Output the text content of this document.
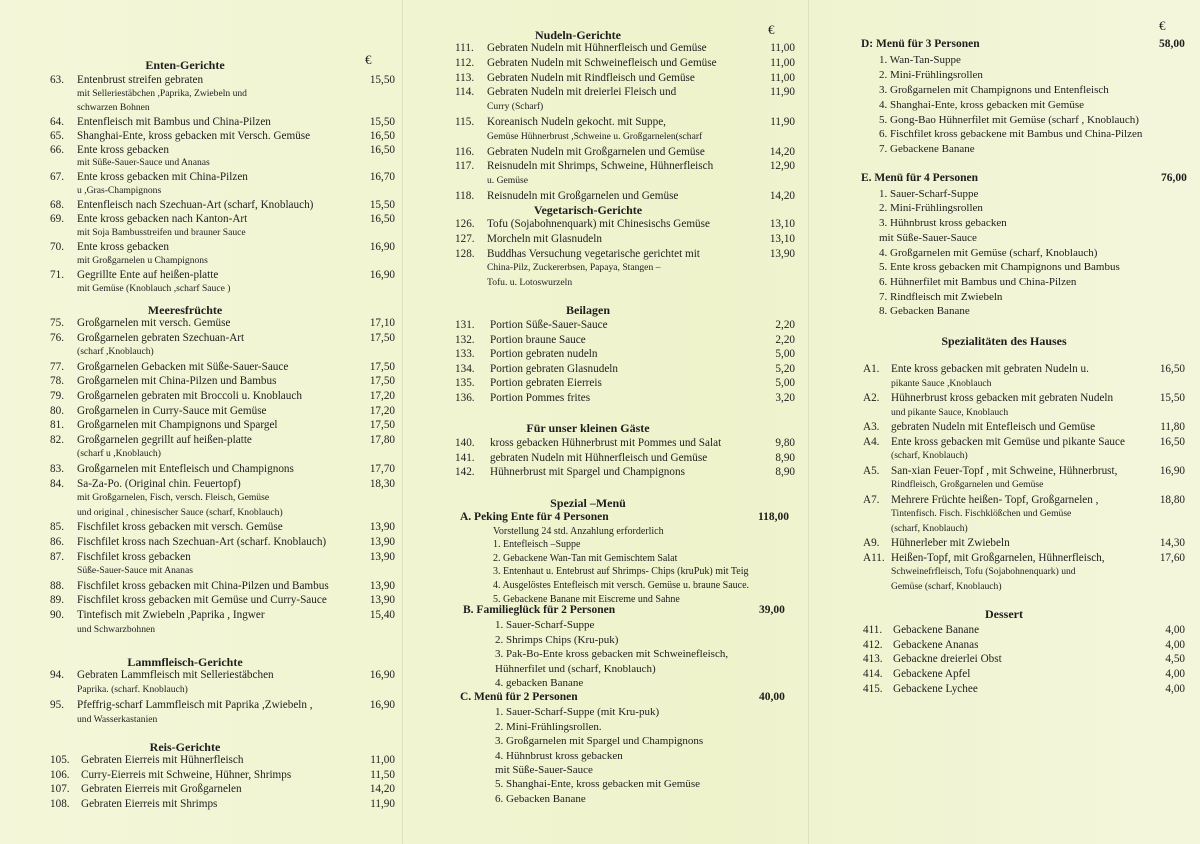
€
Enten-Gerichte
63.	Entenbrust streifen gebraten	15,50
mit Selleriestäbchen ,Paprika, Zwiebeln und
schwarzen Bohnen
64.	Entenfleisch mit Bambus und China-Pilzen	15,50
65.	Shanghai-Ente, kross gebacken mit Versch. Gemüse	16,50
66.	Ente kross gebacken	16,50
mit Süße-Sauer-Sauce und Ananas
67.	Ente kross gebacken mit China-Pilzen	16,70
u ,Gras-Champignons
68.	Entenfleisch nach Szechuan-Art (scharf, Knoblauch)	15,50
69.	Ente kross gebacken nach Kanton-Art	16,50
mit Soja Bambusstreifen und brauner Sauce
70.	Ente kross gebacken	16,90
mit Großgarnelen u Champignons
71.	Gegrillte Ente auf heißen-platte	16,90
mit Gemüse (Knoblauch ,scharf Sauce )
Meeresfrüchte
75.	Großgarnelen mit versch. Gemüse	17,10
76.	Großgarnelen gebraten Szechuan-Art	17,50
(scharf ,Knoblauch)
77.	Großgarnelen Gebacken mit Süße-Sauer-Sauce	17,50
78.	Großgarnelen mit China-Pilzen und Bambus	17,50
79.	Großgarnelen gebraten mit Broccoli u. Knoblauch	17,20
80.	Großgarnelen in Curry-Sauce mit Gemüse	17,20
81.	Großgarnelen mit Champignons und Spargel	17,50
82.	Großgarnelen gegrillt auf heißen-platte	17,80
(scharf u ,Knoblauch)
83.	Großgarnelen mit Entefleisch und Champignons	17,70
84.	Sa-Za-Po. (Original chin. Feuertopf)	18,30
mit Großgarnelen, Fisch, versch. Fleisch, Gemüse
und original , chinesischer Sauce (scharf, Knoblauch)
85.	Fischfilet kross gebacken mit versch. Gemüse	13,90
86.	Fischfilet kross nach Szechuan-Art (scharf. Knoblauch)	13,90
87.	Fischfilet kross gebacken	13,90
Süße-Sauer-Sauce mit Ananas
88.	Fischfilet kross gebacken mit China-Pilzen und Bambus	13,90
89.	Fischfilet kross gebacken mit Gemüse und Curry-Sauce	13,90
90.	Tintefisch mit Zwiebeln ,Paprika , Ingwer	15,40
und Schwarzbohnen
Lammfleisch-Gerichte
94.	Gebraten Lammfleisch mit Selleriestäbchen	16,90
Paprika. (scharf. Knoblauch)
95.	Pfeffrig-scharf Lammfleisch mit Paprika ,Zwiebeln ,	16,90
und Wasserkastanien
Reis-Gerichte
105.	Gebraten Eierreis mit Hühnerfleisch	11,00
106.	Curry-Eierreis mit Schweine, Hühner, Shrimps	11,50
107.	Gebraten Eierreis mit Großgarnelen	14,20
108.	Gebraten Eierreis mit Shrimps	11,90
€
Nudeln-Gerichte
111.	Gebraten Nudeln mit Hühnerfleisch und Gemüse	11,00
112.	Gebraten Nudeln mit Schweinefleisch und Gemüse	11,00
113.	Gebraten Nudeln mit Rindfleisch und Gemüse	11,00
114.	Gebraten Nudeln mit dreierlei Fleisch und	11,90
Curry (Scharf)
115.	Koreanisch Nudeln gekocht. mit Suppe,	11,90
Gemüse Hühnerbrust ,Schweine u. Großgarnelen(scharf
116.	Gebraten Nudeln mit Großgarnelen und Gemüse	14,20
117.	Reisnudeln mit Shrimps, Schweine, Hühnerfleisch	12,90
u. Gemüse
118.	Reisnudeln mit Großgarnelen und Gemüse	14,20
Vegetarisch-Gerichte
126.	Tofu (Sojabohnenquark) mit Chinesischs Gemüse	13,10
127.	Morcheln mit Glasnudeln	13,10
128.	Buddhas Versuchung vegetarische gerichtet mit	13,90
China-Pilz, Zuckererbsen, Papaya, Stangen –
Tofu. u. Lotoswurzeln
Beilagen
131.	Portion Süße-Sauer-Sauce	2,20
132.	Portion braune Sauce	2,20
133.	Portion gebraten nudeln	5,00
134.	Portion gebraten Glasnudeln	5,20
135.	Portion gebraten Eierreis	5,00
136.	Portion Pommes frites	3,20
Für unser kleinen Gäste
140.	kross gebacken Hühnerbrust mit Pommes und Salat	9,80
141.	gebraten Nudeln mit Hühnerfleisch und Gemüse	8,90
142.	Hühnerbrust mit Spargel und Champignons	8,90
Spezial –Menü
A. Peking Ente für 4 Personen	118,00
Vorstellung 24 std. Anzahlung erforderlich
1. Entefleisch –Suppe
2. Gebackene Wan-Tan mit Gemischtem Salat
3. Entenhaut u. Entebrust auf Shrimps- Chips (kruPuk) mit Teig
4. Ausgelöstes Entefleisch mit versch. Gemüse u. braune Sauce.
5. Gebackene Banane mit Eiscreme und Sahne
B. Familieglück für 2 Personen	39,00
1. Sauer-Scharf-Suppe
2. Shrimps Chips (Kru-puk)
3. Pak-Bo-Ente kross gebacken mit Schweinefleisch,
Hühnerfilet und (scharf, Knoblauch)
4. gebacken Banane
C. Menü für 2 Personen	40,00
1. Sauer-Scharf-Suppe (mit Kru-puk)
2. Mini-Frühlingsrollen.
3. Großgarnelen mit Spargel und Champignons
4. Hühnbrust kross gebacken
mit Süße-Sauer-Sauce
5. Shanghai-Ente, kross gebacken mit Gemüse
6. Gebacken Banane
€
D: Menü für 3 Personen	58,00
1. Wan-Tan-Suppe
2. Mini-Frühlingsrollen
3. Großgarnelen mit Champignons und Entenfleisch
4. Shanghai-Ente, kross gebacken mit Gemüse
5. Gong-Bao Hühnerfilet mit Gemüse (scharf , Knoblauch)
6. Fischfilet kross gebackene mit Bambus und China-Pilzen
7. Gebackene Banane
E. Menü für 4 Personen	76,00
1. Sauer-Scharf-Suppe
2. Mini-Frühlingsrollen
3. Hühnbrust kross gebacken
mit Süße-Sauer-Sauce
4. Großgarnelen mit Gemüse (scharf, Knoblauch)
5. Ente kross gebacken mit Champignons und Bambus
6. Hühnerfilet mit Bambus und China-Pilzen
7. Rindfleisch mit Zwiebeln
8. Gebacken Banane
Spezialitäten des Hauses
A1.	Ente kross gebacken mit gebraten Nudeln u.	16,50
pikante Sauce ,Knoblauch
A2.	Hühnerbrust kross gebacken mit gebraten Nudeln	15,50
und pikante Sauce, Knoblauch
A3.	gebraten Nudeln mit Entefleisch und Gemüse	11,80
A4.	Ente kross gebacken mit Gemüse und pikante Sauce	16,50
(scharf, Knoblauch)
A5.	San-xian Feuer-Topf , mit Schweine, Hühnerbrust,	16,90
Rindfleisch, Großgarnelen und Gemüse
A7.	Mehrere Früchte heißen- Topf, Großgarnelen ,	18,80
Tintenfisch. Fisch. Fischklößchen und Gemüse
(scharf, Knoblauch)
A9.	Hühnerleber mit Zwiebeln	14,30
A11. Heißen-Topf, mit Großgarnelen, Hühnerfleisch,	17,60
Schweinefrfleisch, Tofu (Sojabohnenquark) und
Gemüse (scharf, Knoblauch)
Dessert
411. Gebackene Banane	4,00
412. Gebackene Ananas	4,00
413. Gebackne dreierlei Obst	4,50
414. Gebackene Apfel	4,00
415. Gebackene Lychee	4,00
